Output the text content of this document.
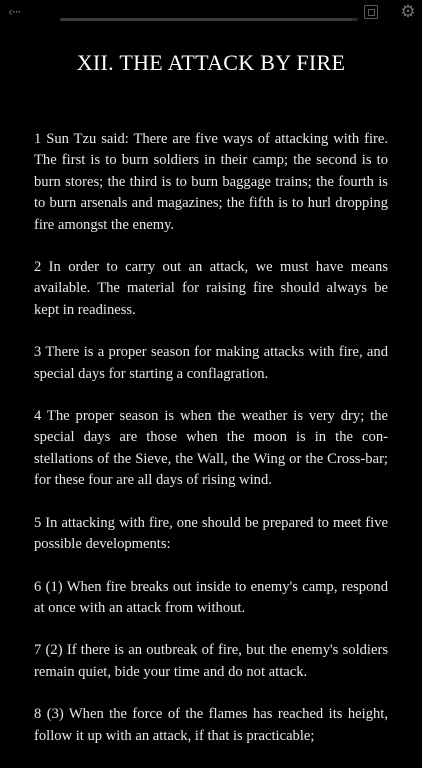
‹···	⚙
XII. THE ATTACK BY FIRE

1 Sun Tzu said: There are five ways of attacking with fire. The first is to burn soldiers in their camp; the second is to burn stores; the third is to burn baggage trains; the fourth is to burn arsenals and magazines; the fifth is to hurl dropping fire amongst the enemy.

2 In order to carry out an attack, we must have means available. The material for raising fire should always be kept in readiness.

3 There is a proper season for making attacks with fire, and special days for starting a conflagration.

4 The proper season is when the weather is very dry; the special days are those when the moon is in the constellations of the Sieve, the Wall, the Wing or the Cross-bar; for these four are all days of rising wind.

5 In attacking with fire, one should be prepared to meet five possible developments:

6 (1) When fire breaks out inside to enemy's camp, respond at once with an attack from without.

7 (2) If there is an outbreak of fire, but the enemy's soldiers remain quiet, bide your time and do not attack.

8 (3) When the force of the flames has reached its height, follow it up with an attack, if that is practicable;
